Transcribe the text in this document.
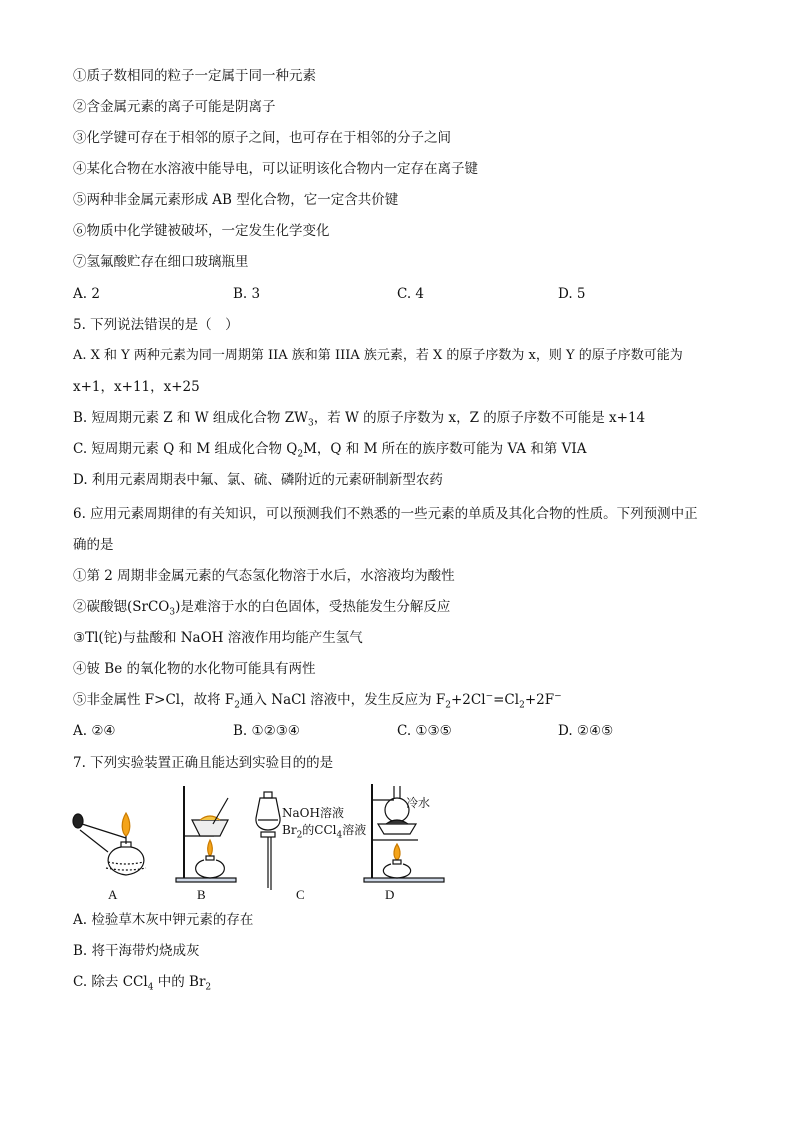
①质子数相同的粒子一定属于同一种元素
②含金属元素的离子可能是阴离子
③化学键可存在于相邻的原子之间，也可存在于相邻的分子之间
④某化合物在水溶液中能导电，可以证明该化合物内一定存在离子键
⑤两种非金属元素形成 AB 型化合物，它一定含共价键
⑥物质中化学键被破坏，一定发生化学变化
⑦氢氟酸贮存在细口玻璃瓶里
A. 2	B. 3	C. 4	D. 5
5. 下列说法错误的是（　）
A. X 和 Y 两种元素为同一周期第 IIA 族和第 IIIA 族元素，若 X 的原子序数为 x，则 Y 的原子序数可能为
x+1，x+11，x+25
B. 短周期元素 Z 和 W 组成化合物 $ZW_3$，若 W 的原子序数为 x，Z 的原子序数不可能是 x+14
C. 短周期元素 Q 和 M 组成化合物 $Q_2M$，Q 和 M 所在的族序数可能为 VA 和第 VIA
D. 利用元素周期表中氟、氯、硫、磷附近的元素研制新型农药
6. 应用元素周期律的有关知识，可以预测我们不熟悉的一些元素的单质及其化合物的性质。下列预测中正
确的是
①第 2 周期非金属元素的气态氢化物溶于水后，水溶液均为酸性
②碳酸锶(SrCO$_3$)是难溶于水的白色固体，受热能发生分解反应
③Tl(铊)与盐酸和 NaOH 溶液作用均能产生氢气
④铍 Be 的氧化物的水化物可能具有两性
⑤非金属性 F>Cl，故将 $F_2$通入 NaCl 溶液中，发生反应为 $F_2+2Cl^-=Cl_2+2F^-$
A. ②④	B. ①②③④	C. ①③⑤	D. ②④⑤
7. 下列实验装置正确且能达到实验目的的是
NaOH溶液
$Br_2$的CCl$_4$溶液
冷水
A	B	C	D
A. 检验草木灰中钾元素的存在
B. 将干海带灼烧成灰
C. 除去 CCl$_4$ 中的 $Br_2$
